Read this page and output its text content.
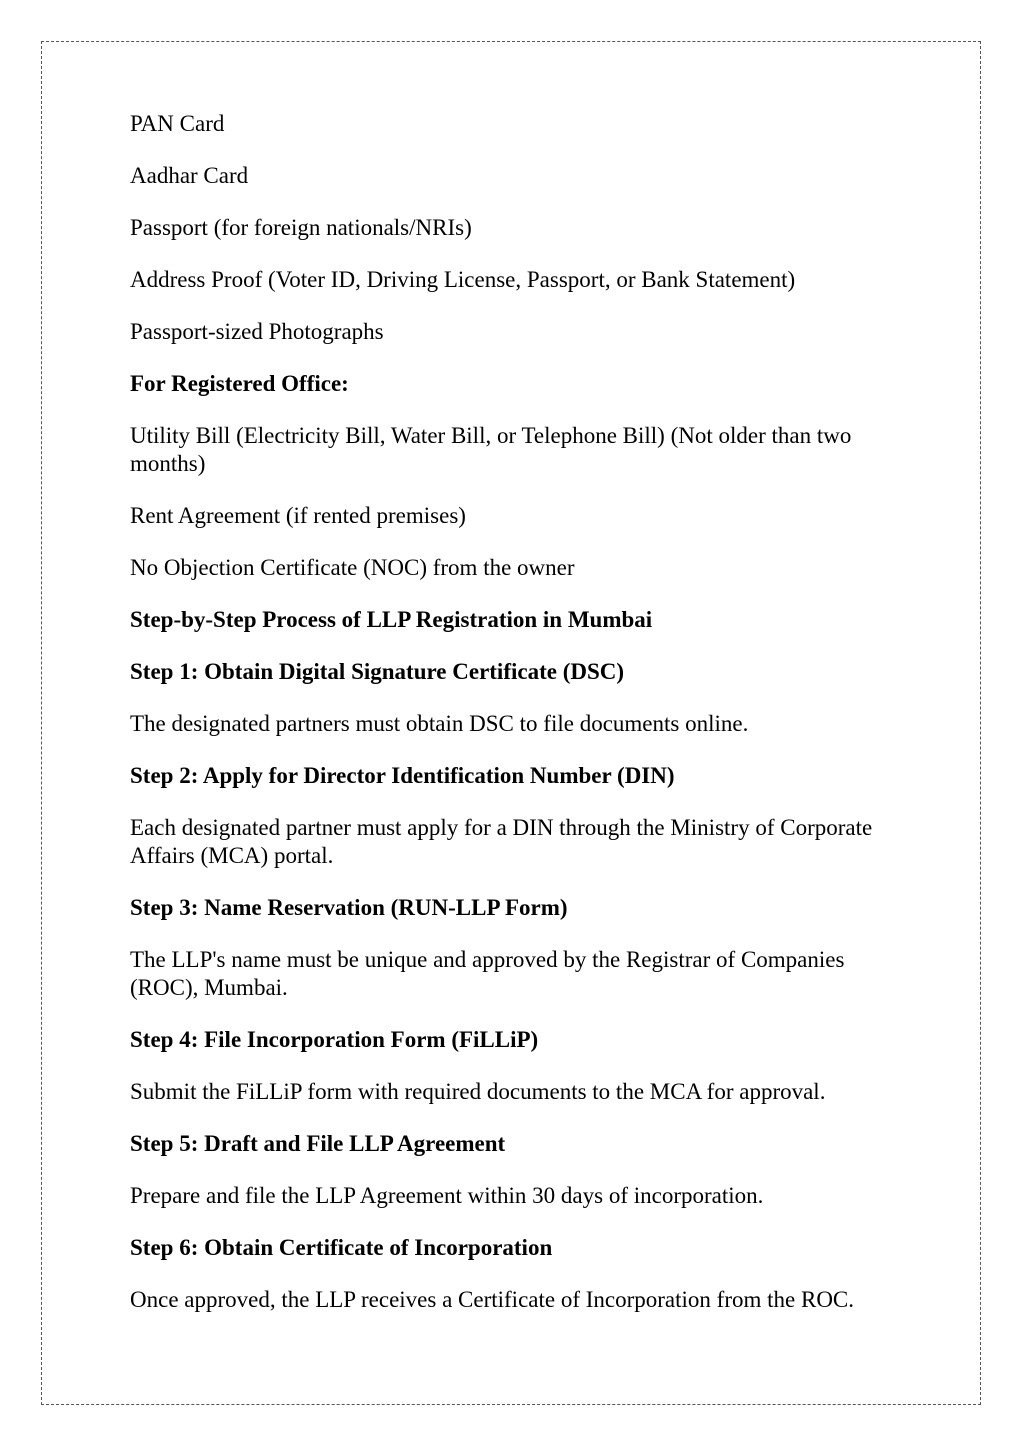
PAN Card

Aadhar Card

Passport (for foreign nationals/NRIs)

Address Proof (Voter ID, Driving License, Passport, or Bank Statement)

Passport-sized Photographs

For Registered Office:

Utility Bill (Electricity Bill, Water Bill, or Telephone Bill) (Not older than two months)

Rent Agreement (if rented premises)

No Objection Certificate (NOC) from the owner

Step-by-Step Process of LLP Registration in Mumbai

Step 1: Obtain Digital Signature Certificate (DSC)

The designated partners must obtain DSC to file documents online.

Step 2: Apply for Director Identification Number (DIN)

Each designated partner must apply for a DIN through the Ministry of Corporate Affairs (MCA) portal.

Step 3: Name Reservation (RUN-LLP Form)

The LLP's name must be unique and approved by the Registrar of Companies (ROC), Mumbai.

Step 4: File Incorporation Form (FiLLiP)

Submit the FiLLiP form with required documents to the MCA for approval.

Step 5: Draft and File LLP Agreement

Prepare and file the LLP Agreement within 30 days of incorporation.

Step 6: Obtain Certificate of Incorporation

Once approved, the LLP receives a Certificate of Incorporation from the ROC.
